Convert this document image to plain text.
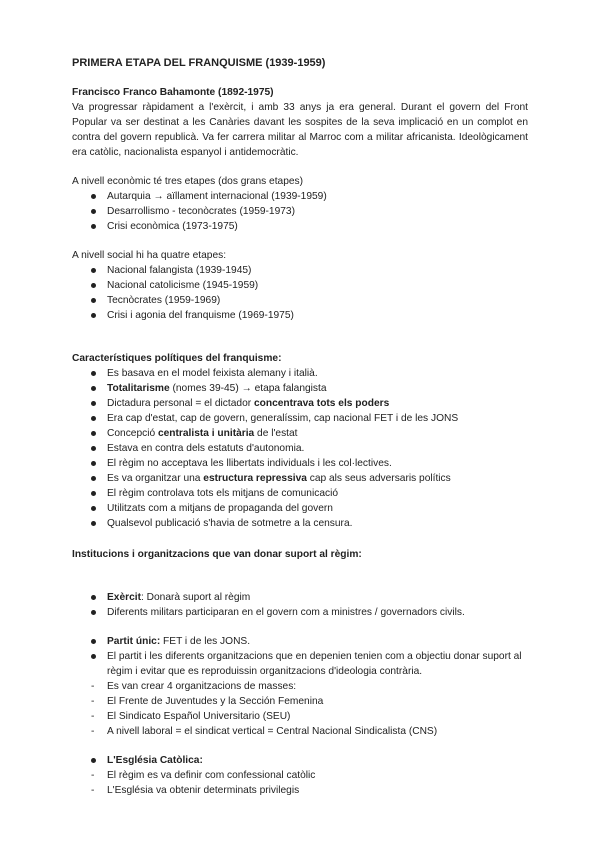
PRIMERA ETAPA DEL FRANQUISME (1939-1959)
Francisco Franco Bahamonte (1892-1975)

Va progressar ràpidament a l'exèrcit, i amb 33 anys ja era general. Durant el govern del Front Popular va ser destinat a les Canàries davant les sospites de la seva implicació en un complot en contra del govern republicà. Va fer carrera militar al Marroc com a militar africanista. Ideològicament era catòlic, nacionalista espanyol i antidemocràtic.

A nivell econòmic té tres etapes (dos grans etapes)
Autarquia → aïllament internacional (1939-1959)
Desarrollismo - teconòcrates (1959-1973)
Crisi econòmica (1973-1975)
A nivell social hi ha quatre etapes:
Nacional falangista (1939-1945)
Nacional catolicisme (1945-1959)
Tecnòcrates (1959-1969)
Crisi i agonia del franquisme (1969-1975)
Característiques polítiques del franquisme:
Es basava en el model feixista alemany i italià.
Totalitarisme (nomes 39-45) → etapa falangista
Dictadura personal = el dictador concentrava tots els poders
Era cap d'estat, cap de govern, generalíssim, cap nacional FET i de les JONS
Concepció centralista i unitària de l'estat
Estava en contra dels estatuts d'autonomia.
El règim no acceptava les llibertats individuals i les col·lectives.
Es va organitzar una estructura repressiva cap als seus adversaris polítics
El règim controlava tots els mitjans de comunicació
Utilitzats com a mitjans de propaganda del govern
Qualsevol publicació s'havia de sotmetre a la censura.
Institucions i organitzacions que van donar suport al règim:
Exèrcit: Donarà suport al règim
Diferents militars participaran en el govern com a ministres / governadors civils.
Partit únic: FET i de les JONS.
El partit i les diferents organitzacions que en depenien tenien com a objectiu donar suport al règim i evitar que es reproduissin organitzacions d'ideologia contrària.
- Es van crear 4 organitzacions de masses:
- El Frente de Juventudes y la Sección Femenina
- El Sindicato Español Universitario (SEU)
- A nivell laboral = el sindicat vertical = Central Nacional Sindicalista (CNS)
L'Església Catòlica:
- El règim es va definir com confessional catòlic
- L'Església va obtenir determinats privilegis
